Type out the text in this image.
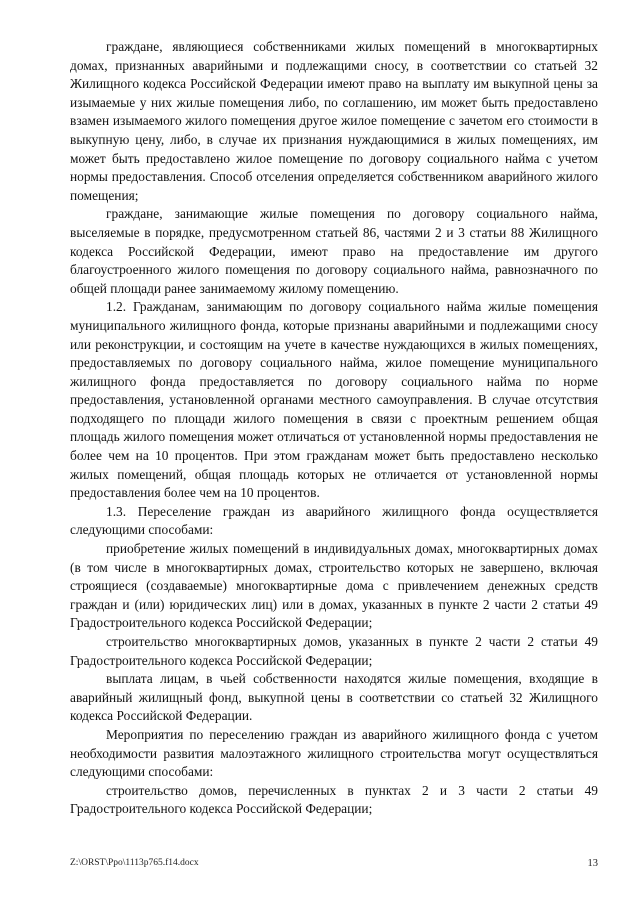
граждане, являющиеся собственниками жилых помещений в многоквартирных домах, признанных аварийными и подлежащими сносу, в соответствии со статьей 32 Жилищного кодекса Российской Федерации имеют право на выплату им выкупной цены за изымаемые у них жилые помещения либо, по соглашению, им может быть предоставлено взамен изымаемого жилого помещения другое жилое помещение с зачетом его стоимости в выкупную цену, либо, в случае их признания нуждающимися в жилых помещениях, им может быть предоставлено жилое помещение по договору социального найма с учетом нормы предоставления. Способ отселения определяется собственником аварийного жилого помещения;

граждане, занимающие жилые помещения по договору социального найма, выселяемые в порядке, предусмотренном статьей 86, частями 2 и 3 статьи 88 Жилищного кодекса Российской Федерации, имеют право на предоставление им другого благоустроенного жилого помещения по договору социального найма, равнозначного по общей площади ранее занимаемому жилому помещению.

1.2. Гражданам, занимающим по договору социального найма жилые помещения муниципального жилищного фонда, которые признаны аварийными и подлежащими сносу или реконструкции, и состоящим на учете в качестве нуждающихся в жилых помещениях, предоставляемых по договору социального найма, жилое помещение муниципального жилищного фонда предоставляется по договору социального найма по норме предоставления, установленной органами местного самоуправления. В случае отсутствия подходящего по площади жилого помещения в связи с проектным решением общая площадь жилого помещения может отличаться от установленной нормы предоставления не более чем на 10 процентов. При этом гражданам может быть предоставлено несколько жилых помещений, общая площадь которых не отличается от установленной нормы предоставления более чем на 10 процентов.

1.3. Переселение граждан из аварийного жилищного фонда осуществляется следующими способами:

приобретение жилых помещений в индивидуальных домах, многоквартирных домах (в том числе в многоквартирных домах, строительство которых не завершено, включая строящиеся (создаваемые) многоквартирные дома с привлечением денежных средств граждан и (или) юридических лиц) или в домах, указанных в пункте 2 части 2 статьи 49 Градостроительного кодекса Российской Федерации;

строительство многоквартирных домов, указанных в пункте 2 части 2 статьи 49 Градостроительного кодекса Российской Федерации;

выплата лицам, в чьей собственности находятся жилые помещения, входящие в аварийный жилищный фонд, выкупной цены в соответствии со статьей 32 Жилищного кодекса Российской Федерации.

Мероприятия по переселению граждан из аварийного жилищного фонда с учетом необходимости развития малоэтажного жилищного строительства могут осуществляться следующими способами:

строительство домов, перечисленных в пунктах 2 и 3 части 2 статьи 49 Градостроительного кодекса Российской Федерации;

Z:\ORST\Ppo\1113p765.f14.docx	13
